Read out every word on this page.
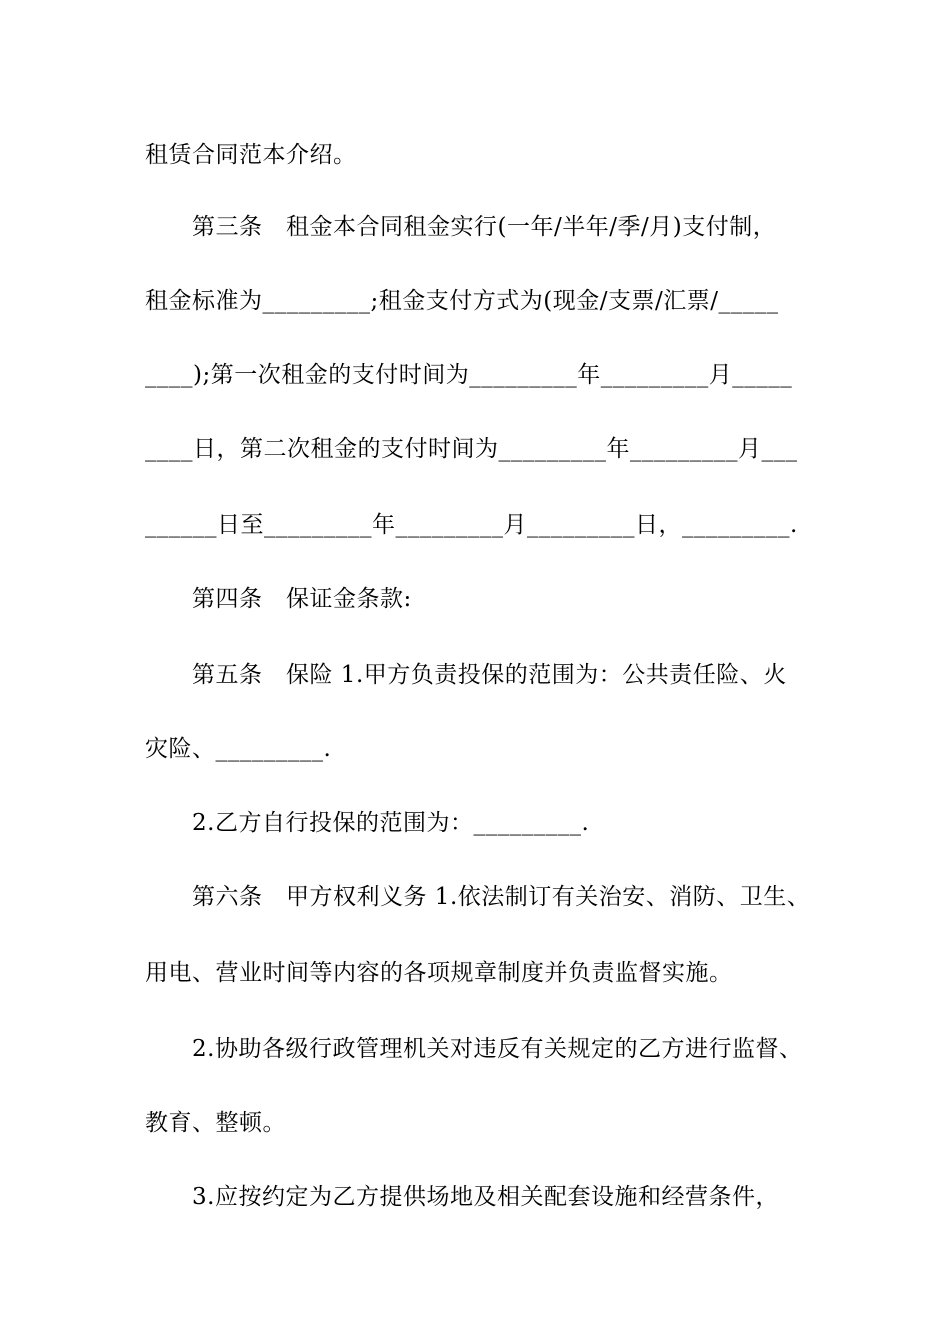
租赁合同范本介绍。
第三条　租金本合同租金实行(一年/半年/季/月)支付制，
租金标准为_________;租金支付方式为(现金/支票/汇票/_____
____);第一次租金的支付时间为_________年_________月_____
____日，第二次租金的支付时间为_________年_________月___
______日至_________年_________月_________日，_________.
第四条　保证金条款:
第五条　保险 1.甲方负责投保的范围为：公共责任险、火
灾险、_________.
2.乙方自行投保的范围为：_________.
第六条　甲方权利义务 1.依法制订有关治安、消防、卫生、
用电、营业时间等内容的各项规章制度并负责监督实施。
2.协助各级行政管理机关对违反有关规定的乙方进行监督、
教育、整顿。
3.应按约定为乙方提供场地及相关配套设施和经营条件，
